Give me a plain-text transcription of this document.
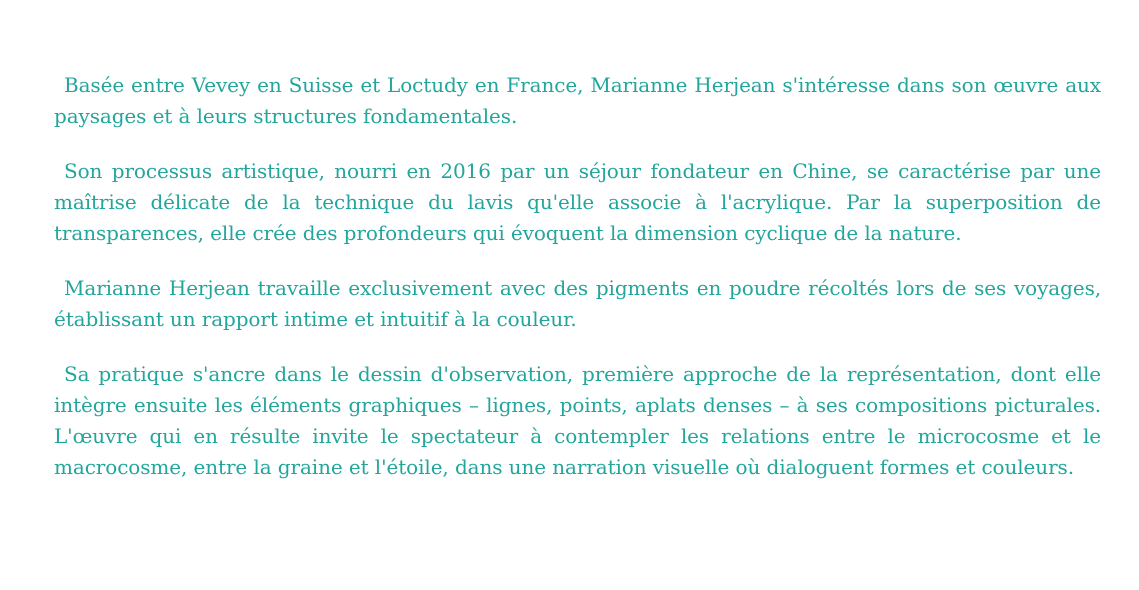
Basée entre Vevey en Suisse et Loctudy en France, Marianne Herjean s'intéresse dans son œuvre aux paysages et à leurs structures fondamentales.

Son processus artistique, nourri en 2016 par un séjour fondateur en Chine, se caractérise par une maîtrise délicate de la technique du lavis qu'elle associe à l'acrylique. Par la superposition de transparences, elle crée des profondeurs qui évoquent la dimension cyclique de la nature.

Marianne Herjean travaille exclusivement avec des pigments en poudre récoltés lors de ses voyages, établissant un rapport intime et intuitif à la couleur.

Sa pratique s'ancre dans le dessin d'observation, première approche de la représentation, dont elle intègre ensuite les éléments graphiques – lignes, points, aplats denses – à ses compositions picturales. L'œuvre qui en résulte invite le spectateur à contempler les relations entre le microcosme et le macrocosme, entre la graine et l'étoile, dans une narration visuelle où dialoguent formes et couleurs.
